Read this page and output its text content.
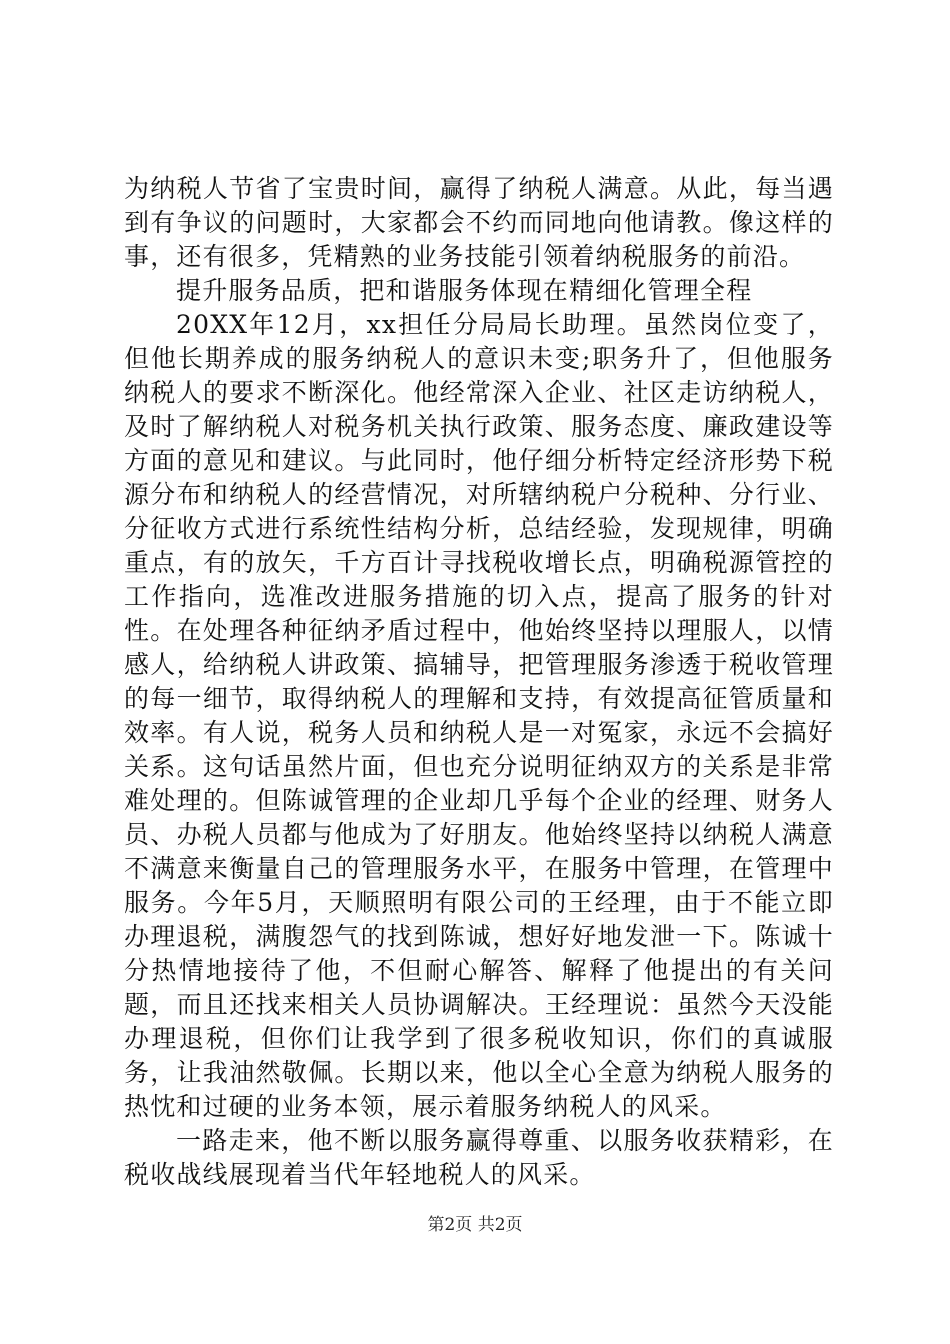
为纳税人节省了宝贵时间，赢得了纳税人满意。从此，每当遇到有争议的问题时，大家都会不约而同地向他请教。像这样的事，还有很多，凭精熟的业务技能引领着纳税服务的前沿。

提升服务品质，把和谐服务体现在精细化管理全程

20XX年12月，xx担任分局局长助理。虽然岗位变了，但他长期养成的服务纳税人的意识未变;职务升了，但他服务纳税人的要求不断深化。他经常深入企业、社区走访纳税人，及时了解纳税人对税务机关执行政策、服务态度、廉政建设等方面的意见和建议。与此同时，他仔细分析特定经济形势下税源分布和纳税人的经营情况，对所辖纳税户分税种、分行业、分征收方式进行系统性结构分析，总结经验，发现规律，明确重点，有的放矢，千方百计寻找税收增长点，明确税源管控的工作指向，选准改进服务措施的切入点，提高了服务的针对性。在处理各种征纳矛盾过程中，他始终坚持以理服人，以情感人，给纳税人讲政策、搞辅导，把管理服务渗透于税收管理的每一细节，取得纳税人的理解和支持，有效提高征管质量和效率。有人说，税务人员和纳税人是一对冤家，永远不会搞好关系。这句话虽然片面，但也充分说明征纳双方的关系是非常难处理的。但陈诚管理的企业却几乎每个企业的经理、财务人员、办税人员都与他成为了好朋友。他始终坚持以纳税人满意不满意来衡量自己的管理服务水平，在服务中管理，在管理中服务。今年5月，天顺照明有限公司的王经理，由于不能立即办理退税，满腹怨气的找到陈诚，想好好地发泄一下。陈诚十分热情地接待了他，不但耐心解答、解释了他提出的有关问题，而且还找来相关人员协调解决。王经理说：虽然今天没能办理退税，但你们让我学到了很多税收知识，你们的真诚服务，让我油然敬佩。长期以来，他以全心全意为纳税人服务的热忱和过硬的业务本领，展示着服务纳税人的风采。

一路走来，他不断以服务赢得尊重、以服务收获精彩，在税收战线展现着当代年轻地税人的风采。

第2页 共2页
